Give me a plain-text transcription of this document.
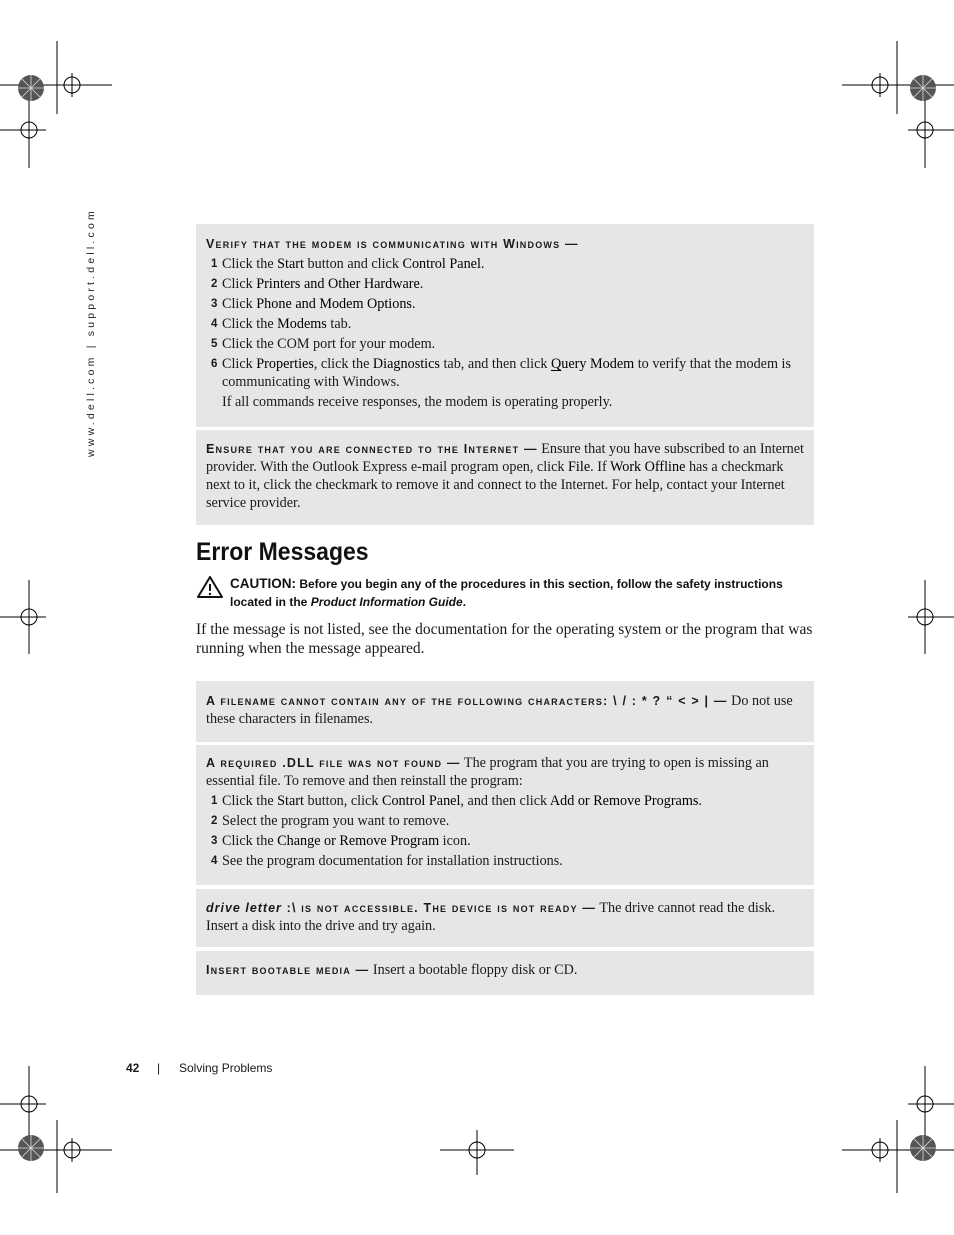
www.dell.com | support.dell.com	Verify that the modem is communicating with Windows —
1 Click the Start button and click Control Panel.
2 Click Printers and Other Hardware.
3 Click Phone and Modem Options.
4 Click the Modems tab.
5 Click the COM port for your modem.
6 Click Properties, click the Diagnostics tab, and then click Query Modem to verify that the modem is communicating with Windows.
If all commands receive responses, the modem is operating properly.
Ensure that you are connected to the Internet — Ensure that you have subscribed to an Internet provider. With the Outlook Express e-mail program open, click File. If Work Offline has a checkmark next to it, click the checkmark to remove it and connect to the Internet. For help, contact your Internet service provider.
Error Messages
CAUTION: Before you begin any of the procedures in this section, follow the safety instructions located in the Product Information Guide.
If the message is not listed, see the documentation for the operating system or the program that was running when the message appeared.
A filename cannot contain any of the following characters: \ / : * ? “ < > | — Do not use these characters in filenames.
A required .DLL file was not found — The program that you are trying to open is missing an essential file. To remove and then reinstall the program:
1 Click the Start button, click Control Panel, and then click Add or Remove Programs.
2 Select the program you want to remove.
3 Click the Change or Remove Program icon.
4 See the program documentation for installation instructions.
drive letter :\ is not accessible. The device is not ready — The drive cannot read the disk. Insert a disk into the drive and try again.
Insert bootable media — Insert a bootable floppy disk or CD.
42 | Solving Problems
